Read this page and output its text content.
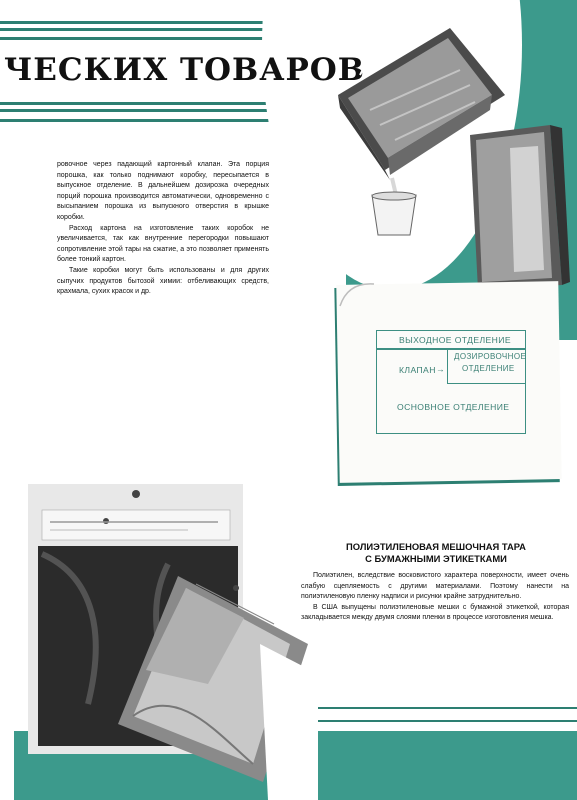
ЧЕСКИХ ТОВАРОВ

ровочное через падающий картонный клапан. Эта порция порошка, как только поднимают коробку, пересыпается в выпускное отделение. В дальнейшем дозирозка очередных порций порошка производится автоматически, одновременно с высыпанием порошка из выпускного отверстия в крышке коробки.

Расход картона на изготовление таких коробок не увеличивается, так как внутренние перегородки повышают сопротивление этой тары на сжатие, а это позволяет применять более тонкий картон.

Такие коробки могут быть использованы и для других сыпучих продуктов бытозой химии: отбеливающих средств, крахмала, сухих красок и др.

ВЫХОДНОЕ ОТДЕЛЕНИЕ
КЛАПАН →
ДОЗИРОВОЧНОЕ
ОТДЕЛЕНИЕ
ОСНОВНОЕ ОТДЕЛЕНИЕ
ПОЛИЭТИЛЕНОВАЯ МЕШОЧНАЯ ТАРА
С БУМАЖНЫМИ ЭТИКЕТКАМИ

Полиэтилен, вследствие восковистого характера поверхности, имеет очень слабую сцепляемость с другими материалами. Поэтому нанести на полиэтиленовую пленку надписи и рисунки крайне затруднительно.

В США выпущены полиэтиленовые мешки с бумажной этикеткой, которая закладывается между двумя слоями пленки в процессе изготовления мешка.
